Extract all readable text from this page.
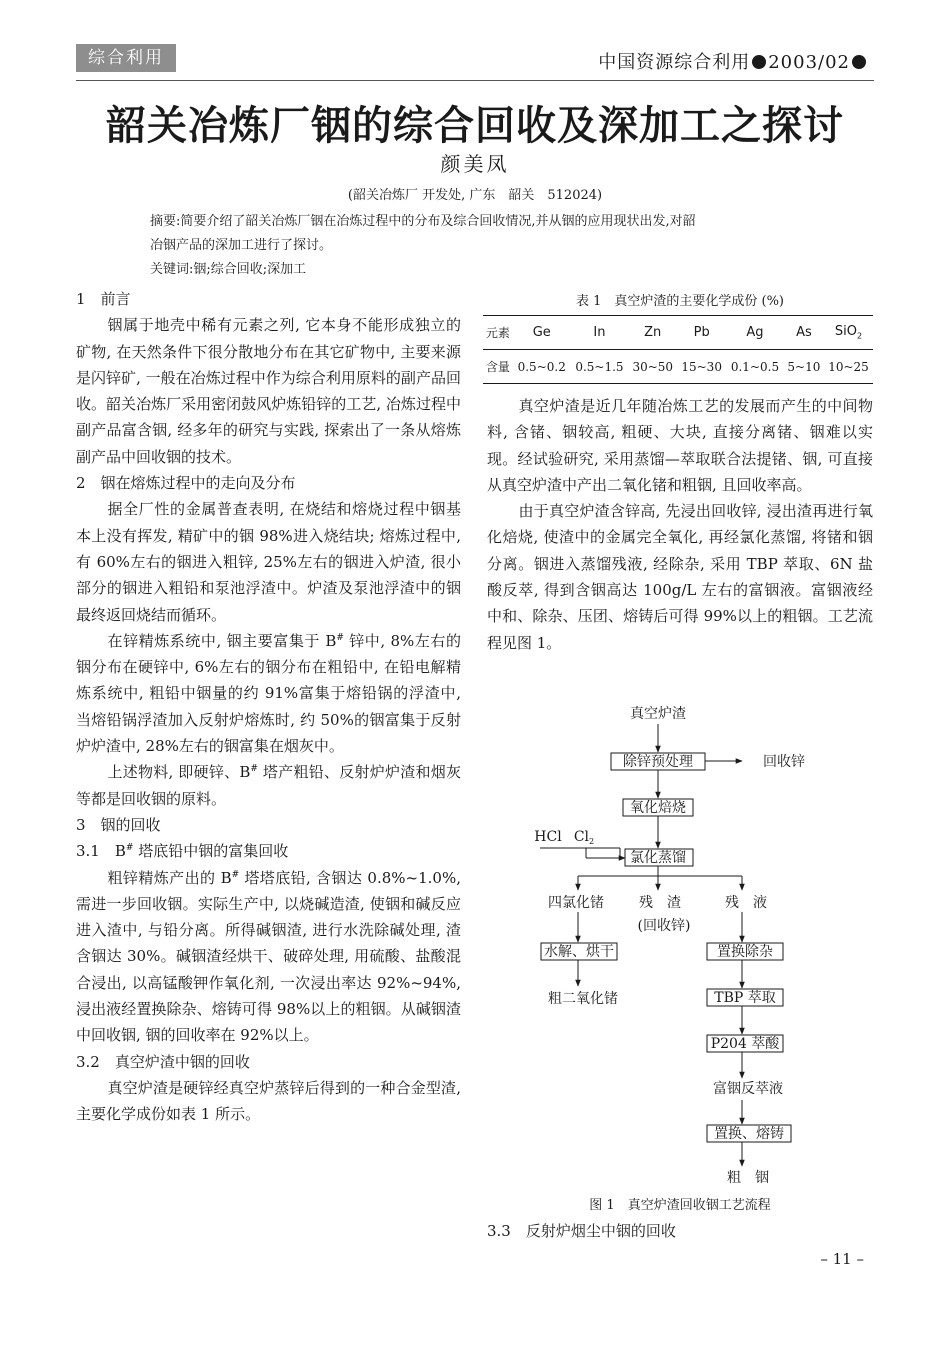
综合利用	中国资源综合利用 2003/02
韶关冶炼厂铟的综合回收及深加工之探讨
颜美凤
(韶关冶炼厂 开发处, 广东　韶关　512024)

摘要:简要介绍了韶关冶炼厂铟在冶炼过程中的分布及综合回收情况,并从铟的应用现状出发,对韶

冶铟产品的深加工进行了探讨。

关键词:铟;综合回收;深加工

1　前言

铟属于地壳中稀有元素之列, 它本身不能形成独立的矿物, 在天然条件下很分散地分布在其它矿物中, 主要来源是闪锌矿, 一般在冶炼过程中作为综合利用原料的副产品回收。韶关冶炼厂采用密闭鼓风炉炼铅锌的工艺, 冶炼过程中副产品富含铟, 经多年的研究与实践, 探索出了一条从熔炼副产品中回收铟的技术。

2　铟在熔炼过程中的走向及分布

据全厂性的金属普查表明, 在烧结和熔烧过程中铟基本上没有挥发, 精矿中的铟 98%进入烧结块; 熔炼过程中, 有 60%左右的铟进入粗锌, 25%左右的铟进入炉渣, 很小部分的铟进入粗铅和泵池浮渣中。炉渣及泵池浮渣中的铟最终返回烧结而循环。

在锌精炼系统中, 铟主要富集于 B# 锌中, 8%左右的铟分布在硬锌中, 6%左右的铟分布在粗铅中, 在铅电解精炼系统中, 粗铅中铟量的约 91%富集于熔铅锅的浮渣中, 当熔铅锅浮渣加入反射炉熔炼时, 约 50%的铟富集于反射炉炉渣中, 28%左右的铟富集在烟灰中。

上述物料, 即硬锌、B# 塔产粗铅、反射炉炉渣和烟灰等都是回收铟的原料。

3　铟的回收

3.1　B# 塔底铅中铟的富集回收

粗锌精炼产出的 B# 塔塔底铅, 含铟达 0.8%~1.0%, 需进一步回收铟。实际生产中, 以烧碱造渣, 使铟和碱反应进入渣中, 与铅分离。所得碱铟渣, 进行水洗除碱处理, 渣含铟达 30%。碱铟渣经烘干、破碎处理, 用硫酸、盐酸混合浸出, 以高锰酸钾作氧化剂, 一次浸出率达 92%~94%, 浸出液经置换除杂、熔铸可得 98%以上的粗铟。从碱铟渣中回收铟, 铟的回收率在 92%以上。

3.2　真空炉渣中铟的回收

真空炉渣是硬锌经真空炉蒸锌后得到的一种合金型渣, 主要化学成份如表 1 所示。

表 1　真空炉渣的主要化学成份 (%)
元素	Ge	In	Zn	Pb	Ag	As	SiO$_2$
含量	0.5~0.2	0.5~1.5	30~50	15~30	0.1~0.5	5~10	10~25

真空炉渣是近几年随冶炼工艺的发展而产生的中间物料, 含锗、铟较高, 粗硬、大块, 直接分离锗、铟难以实现。经试验研究, 采用蒸馏—萃取联合法提锗、铟, 可直接从真空炉渣中产出二氧化锗和粗铟, 且回收率高。

由于真空炉渣含锌高, 先浸出回收锌, 浸出渣再进行氧化焙烧, 使渣中的金属完全氧化, 再经氯化蒸馏, 将锗和铟分离。铟进入蒸馏残液, 经除杂, 采用 TBP 萃取、6N 盐酸反萃, 得到含铟高达 100g/L 左右的富铟液。富铟液经中和、除杂、压团、熔铸后可得 99%以上的粗铟。工艺流程见图 1。

真空炉渣
除锌预处理	回收锌
氧化焙烧
HCl $Cl_2$
氯化蒸馏
四氯化锗	残　渣
(回收锌)
残　液
水解、烘干
粗二氧化锗
置换除杂
TBP 萃取
P204 萃酸
富铟反萃液
置换、熔铸
粗　铟
图 1　真空炉渣回收铟工艺流程
3.3　反射炉烟尘中铟的回收
– 11 –
